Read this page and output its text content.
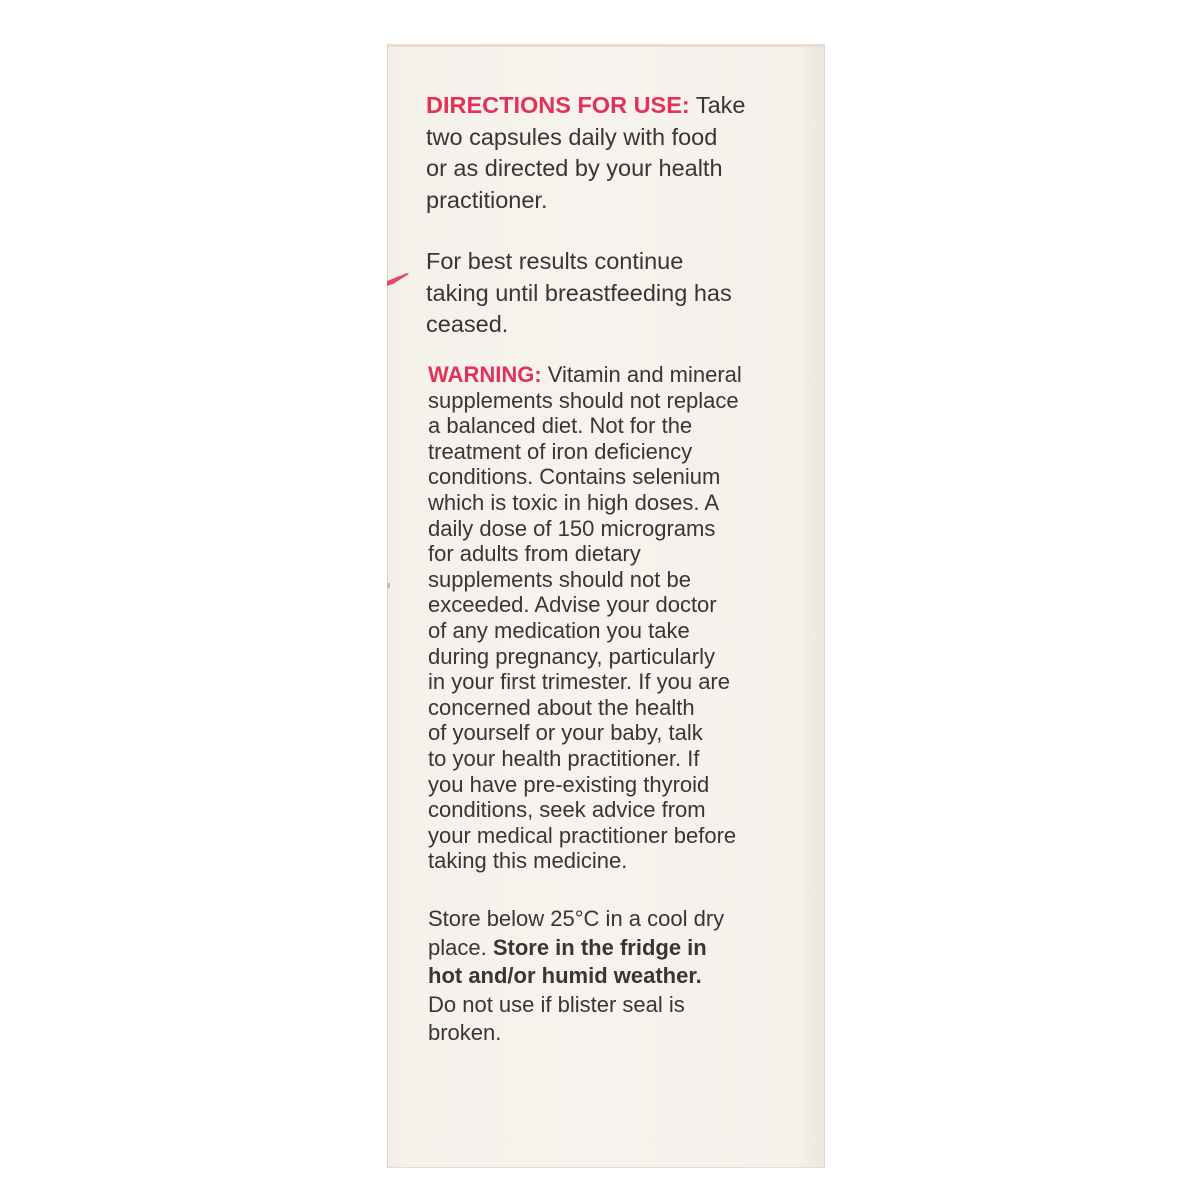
DIRECTIONS FOR USE: Take
two capsules daily with food
or as directed by your health
practitioner.
For best results continue
taking until breastfeeding has
ceased.
WARNING: Vitamin and mineral
supplements should not replace
a balanced diet. Not for the
treatment of iron deficiency
conditions. Contains selenium
which is toxic in high doses. A
daily dose of 150 micrograms
for adults from dietary
supplements should not be
exceeded. Advise your doctor
of any medication you take
during pregnancy, particularly
in your first trimester. If you are
concerned about the health
of yourself or your baby, talk
to your health practitioner. If
you have pre-existing thyroid
conditions, seek advice from
your medical practitioner before
taking this medicine.
Store below 25°C in a cool dry
place. Store in the fridge in
hot and/or humid weather.
Do not use if blister seal is
broken.
